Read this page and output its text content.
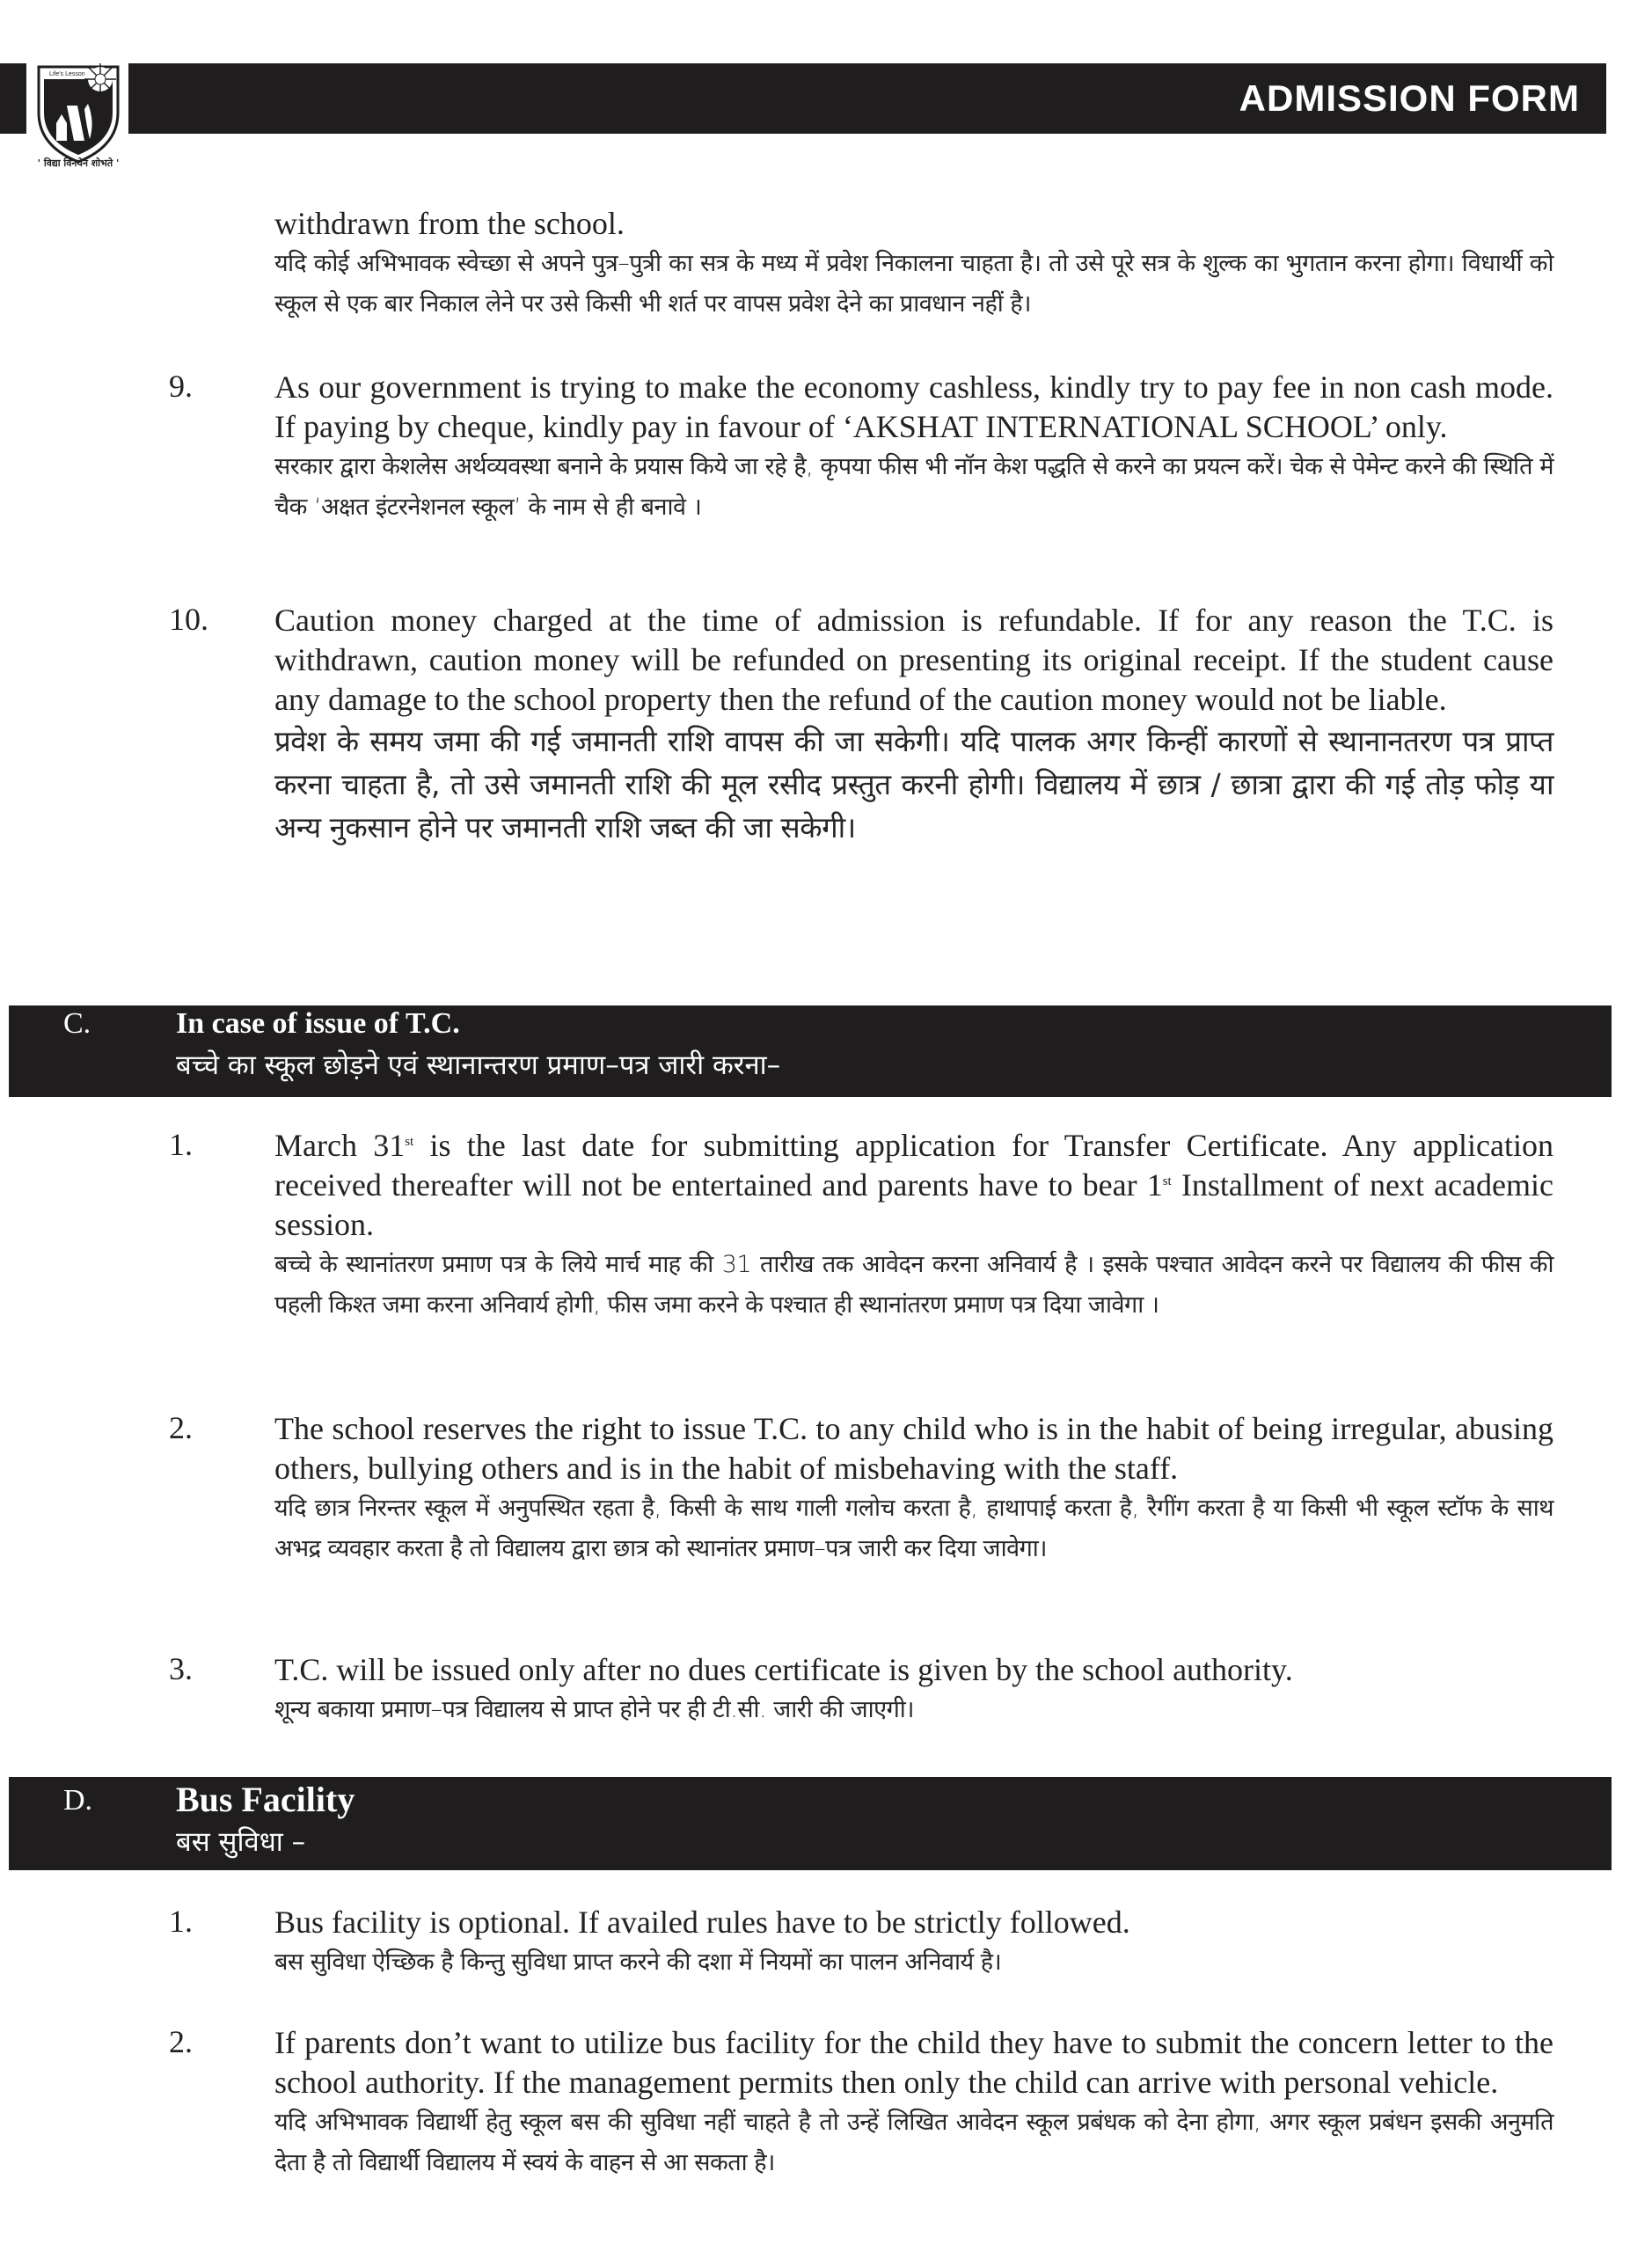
ADMISSION FORM
Life's Lesson
' विद्या विनयेन शोभते '
withdrawn from the school.
यदि कोई अभिभावक स्वेच्छा से अपने पुत्र–पुत्री का सत्र के मध्य में प्रवेश निकालना चाहता है। तो उसे पूरे सत्र के शुल्क का भुगतान करना होगा। विधार्थी को स्कूल से एक बार निकाल लेने पर उसे किसी भी शर्त पर वापस प्रवेश देने का प्रावधान नहीं है।
9.	As our government is trying to make the economy cashless, kindly try to pay fee in non cash mode. If paying by cheque, kindly pay in favour of ‘AKSHAT INTERNATIONAL SCHOOL’ only.
सरकार द्वारा केशलेस अर्थव्यवस्था बनाने के प्रयास किये जा रहे है, कृपया फीस भी नॉन केश पद्धति से करने का प्रयत्न करें। चेक से पेमेन्ट करने की स्थिति में चैक ‘अक्षत इंटरनेशनल स्कूल’ के नाम से ही बनावे ।
10. Caution money charged at the time of admission is refundable. If for any reason the T.C. is withdrawn, caution money will be refunded on presenting its original receipt. If the student cause any damage to the school property then the refund of the caution money would not be liable.
प्रवेश के समय जमा की गई जमानती राशि वापस की जा सकेगी। यदि पालक अगर किन्हीं कारणों से स्थानानतरण पत्र प्राप्त करना चाहता है, तो उसे जमानती राशि की मूल रसीद प्रस्तुत करनी होगी। विद्यालय में छात्र / छात्रा द्वारा की गई तोड़ फोड़ या अन्य नुकसान होने पर जमानती राशि जब्त की जा सकेगी।
C.	In case of issue of T.C.
बच्चे का स्कूल छोड़ने एवं स्थानान्तरण प्रमाण–पत्र जारी करना–
1.	March 31st is the last date for submitting application for Transfer Certificate. Any application received thereafter will not be entertained and parents have to bear 1st Installment of next academic session.
बच्चे के स्थानांतरण प्रमाण पत्र के लिये मार्च माह की 31 तारीख तक आवेदन करना अनिवार्य है । इसके पश्चात आवेदन करने पर विद्यालय की फीस की पहली किश्त जमा करना अनिवार्य होगी, फीस जमा करने के पश्चात ही स्थानांतरण प्रमाण पत्र दिया जावेगा ।
2.	The school reserves the right to issue T.C. to any child who is in the habit of being irregular, abusing others, bullying others and is in the habit of misbehaving with the staff.
यदि छात्र निरन्तर स्कूल में अनुपस्थित रहता है, किसी के साथ गाली गलोच करता है, हाथापाई करता है, रैगींग करता है या किसी भी स्कूल स्टॉफ के साथ अभद्र व्यवहार करता है तो विद्यालय द्वारा छात्र को स्थानांतर प्रमाण–पत्र जारी कर दिया जावेगा।
3.	T.C. will be issued only after no dues certificate is given by the school authority.
शून्य बकाया प्रमाण–पत्र विद्यालय से प्राप्त होने पर ही टी.सी. जारी की जाएगी।
D. Bus Facility
बस सुविधा –
1.	Bus facility is optional. If availed rules have to be strictly followed.
बस सुविधा ऐच्छिक है किन्तु सुविधा प्राप्त करने की दशा में नियमों का पालन अनिवार्य है।
2.	If parents don’t want to utilize bus facility for the child they have to submit the concern letter to the school authority. If the management permits then only the child can arrive with personal vehicle.
यदि अभिभावक विद्यार्थी हेतु स्कूल बस की सुविधा नहीं चाहते है तो उन्हें लिखित आवेदन स्कूल प्रबंधक को देना होगा, अगर स्कूल प्रबंधन इसकी अनुमति देता है तो विद्यार्थी विद्यालय में स्वयं के वाहन से आ सकता है।
